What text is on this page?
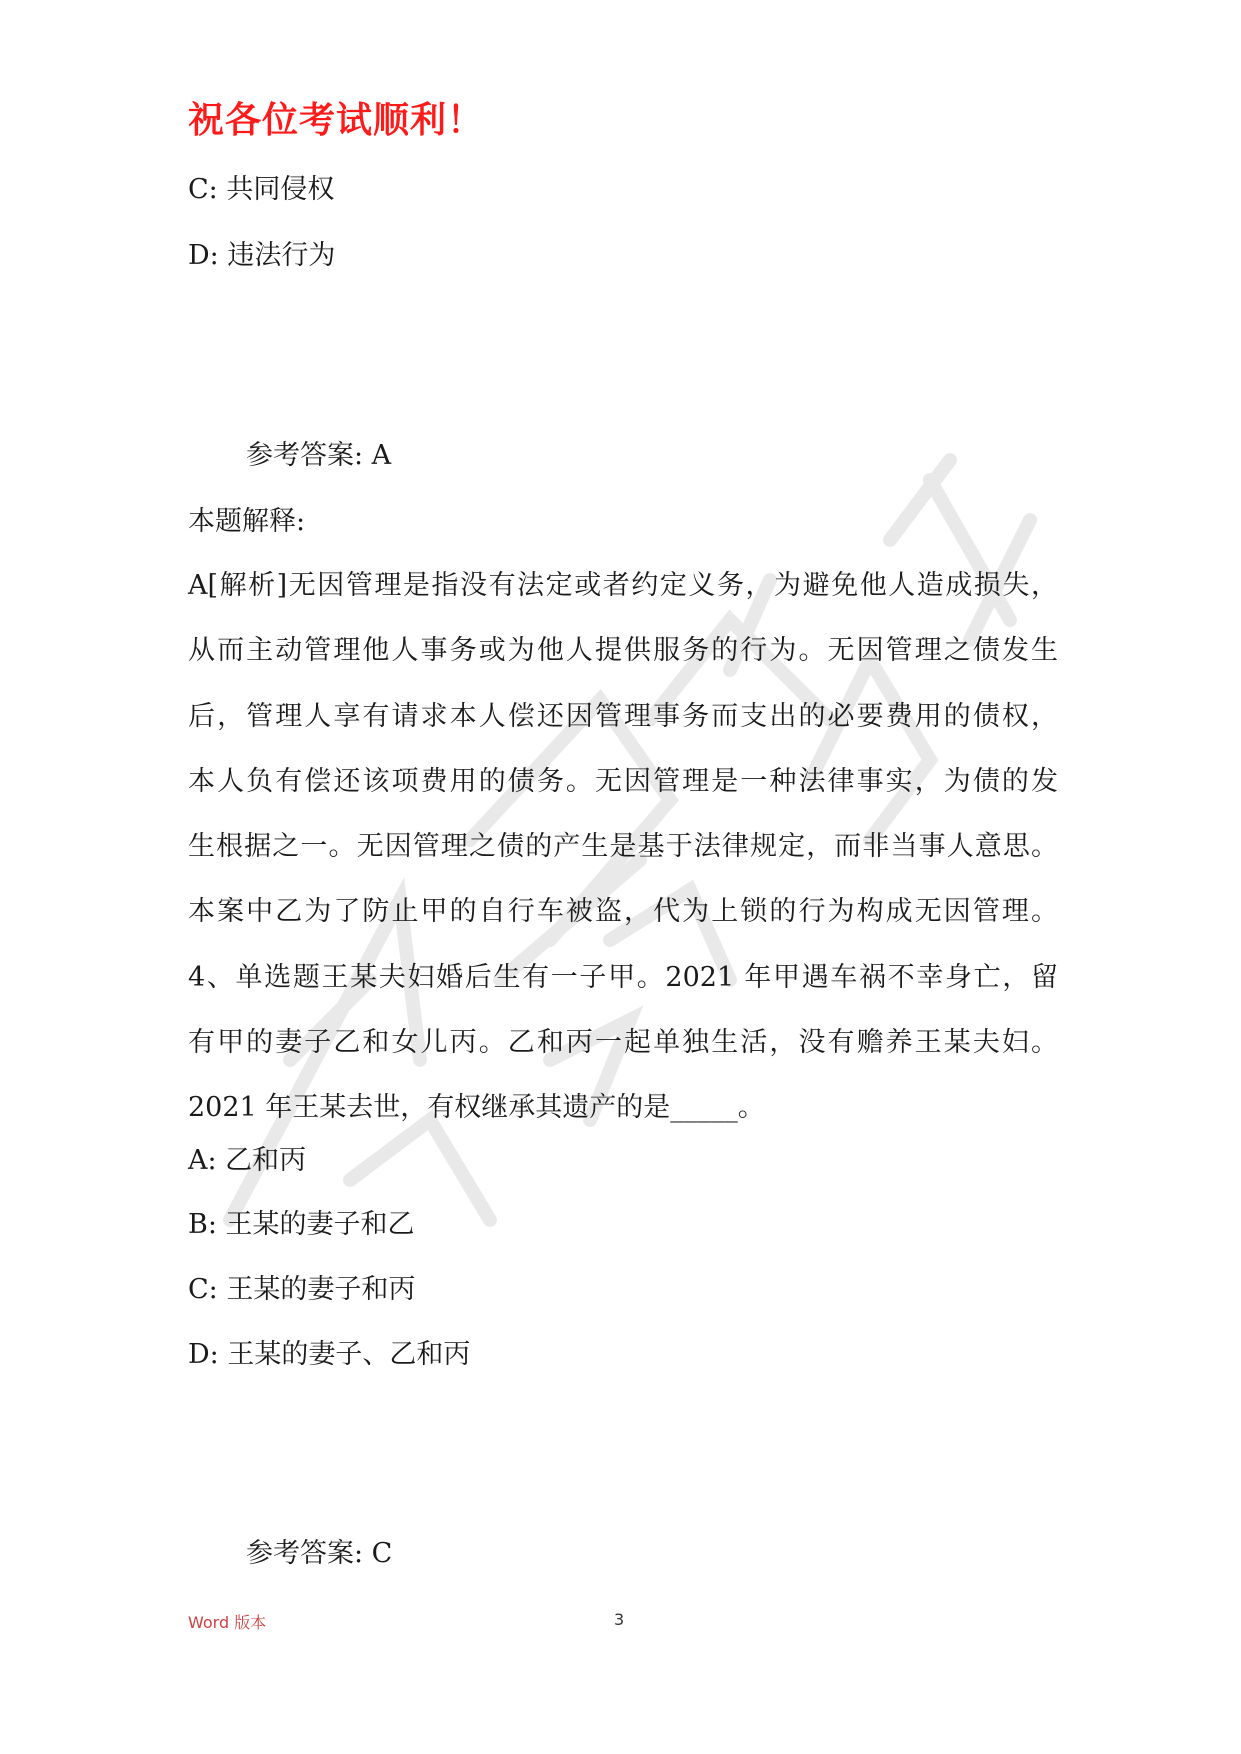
祝各位考试顺利！
C: 共同侵权
D: 违法行为
参考答案: A
本题解释:
A[解析]无因管理是指没有法定或者约定义务，为避免他人造成损失，
从而主动管理他人事务或为他人提供服务的行为。无因管理之债发生
后，管理人享有请求本人偿还因管理事务而支出的必要费用的债权，
本人负有偿还该项费用的债务。无因管理是一种法律事实，为债的发
生根据之一。无因管理之债的产生是基于法律规定，而非当事人意思。
本案中乙为了防止甲的自行车被盗，代为上锁的行为构成无因管理。
4、单选题王某夫妇婚后生有一子甲。2021 年甲遇车祸不幸身亡，留
有甲的妻子乙和女儿丙。乙和丙一起单独生活，没有赡养王某夫妇。
2021 年王某去世，有权继承其遗产的是_____。
A: 乙和丙
B: 王某的妻子和乙
C: 王某的妻子和丙
D: 王某的妻子、乙和丙
参考答案: C
Word 版本	3
